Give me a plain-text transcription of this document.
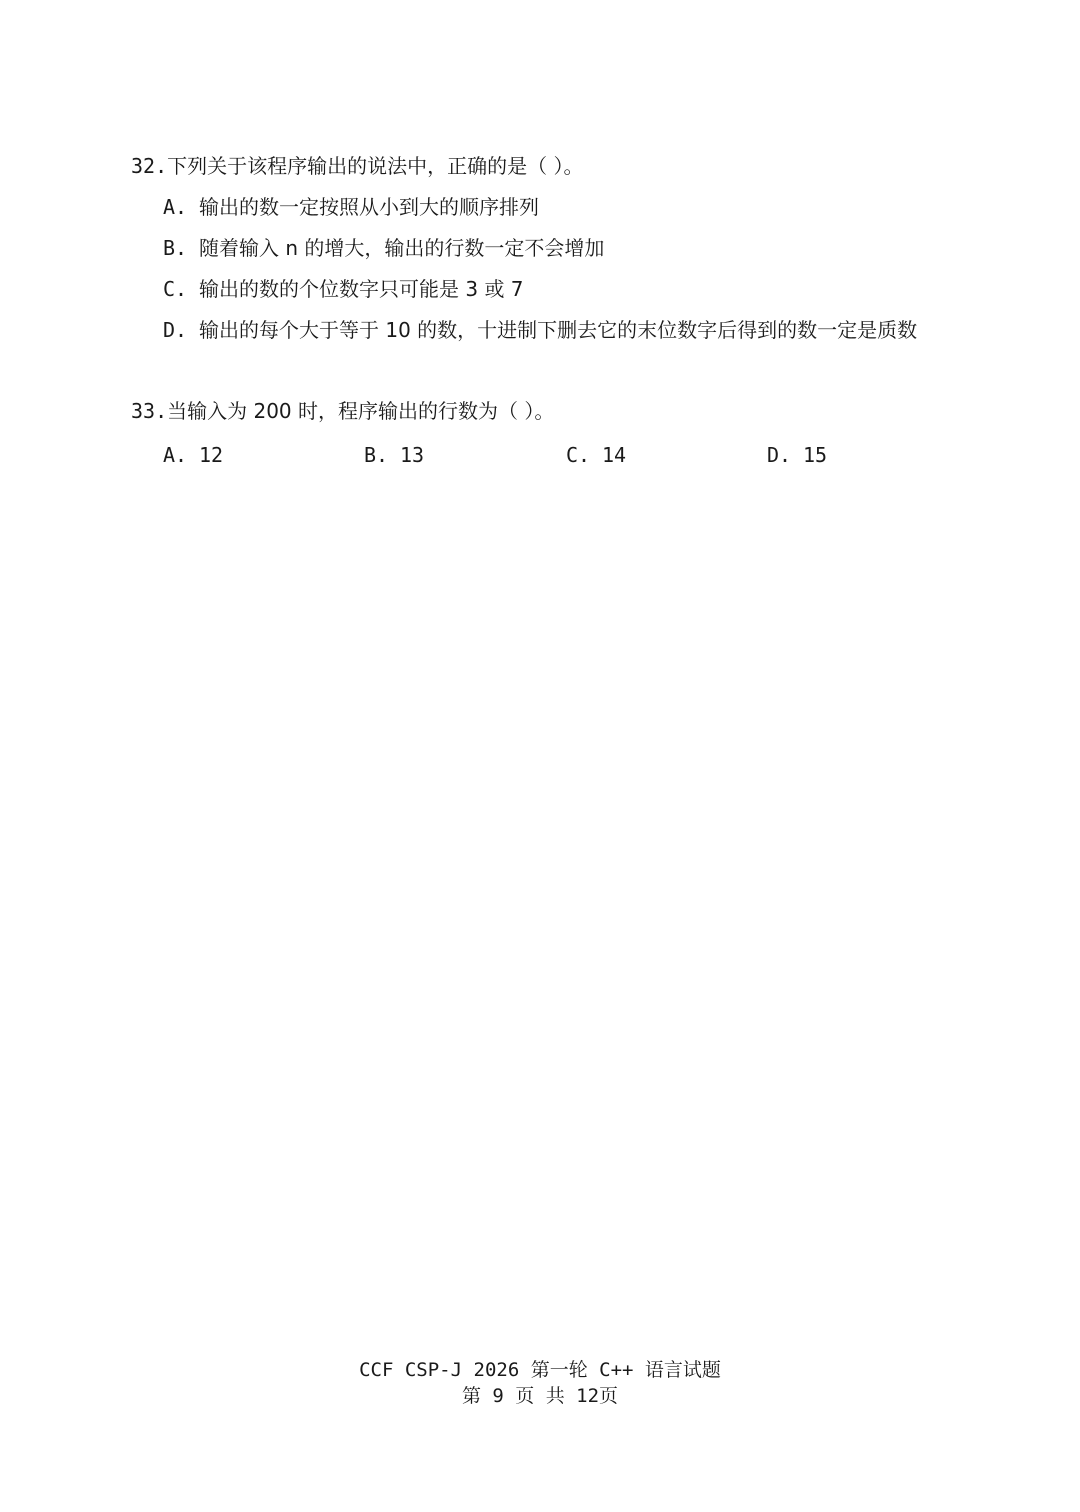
32.下列关于该程序输出的说法中，正确的是（ ）。
A. 输出的数一定按照从小到大的顺序排列
B. 随着输入 n 的增大，输出的行数一定不会增加
C. 输出的数的个位数字只可能是 3 或 7
D. 输出的每个大于等于 10 的数，十进制下删去它的末位数字后得到的数一定是质数
33.当输入为 200 时，程序输出的行数为（ ）。
A. 12	B. 13	C. 14	D. 15
CCF CSP-J 2026 第一轮 C++ 语言试题
第 9 页 共 12页
